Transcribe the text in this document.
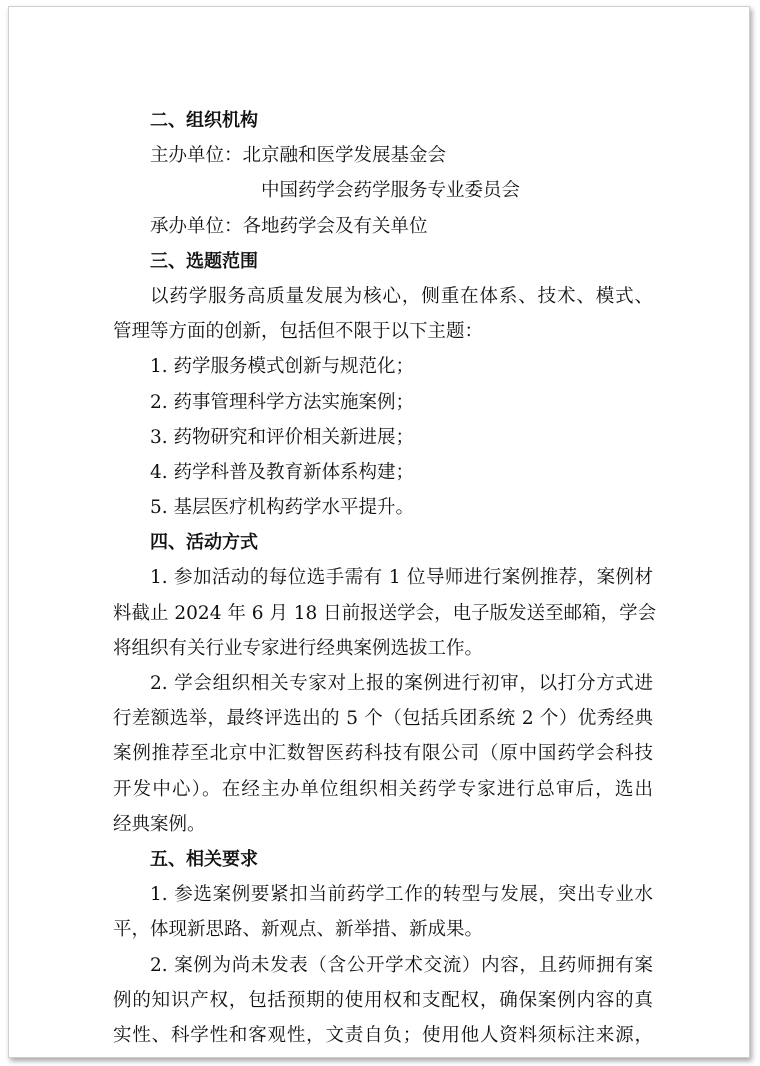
二、组织机构
主办单位：北京融和医学发展基金会
中国药学会药学服务专业委员会
承办单位：各地药学会及有关单位
三、选题范围
以药学服务高质量发展为核心，侧重在体系、技术、模式、
管理等方面的创新，包括但不限于以下主题：
1. 药学服务模式创新与规范化；
2. 药事管理科学方法实施案例；
3. 药物研究和评价相关新进展；
4. 药学科普及教育新体系构建；
5. 基层医疗机构药学水平提升。
四、活动方式
1. 参加活动的每位选手需有 1 位导师进行案例推荐，案例材
料截止 2024 年 6 月 18 日前报送学会，电子版发送至邮箱，学会
将组织有关行业专家进行经典案例选拔工作。
2. 学会组织相关专家对上报的案例进行初审，以打分方式进
行差额选举，最终评选出的 5 个（包括兵团系统 2 个）优秀经典
案例推荐至北京中汇数智医药科技有限公司（原中国药学会科技
开发中心）。在经主办单位组织相关药学专家进行总审后，选出
经典案例。
五、相关要求
1. 参选案例要紧扣当前药学工作的转型与发展，突出专业水
平，体现新思路、新观点、新举措、新成果。
2. 案例为尚未发表（含公开学术交流）内容，且药师拥有案
例的知识产权，包括预期的使用权和支配权，确保案例内容的真
实性、科学性和客观性，文责自负；使用他人资料须标注来源，
